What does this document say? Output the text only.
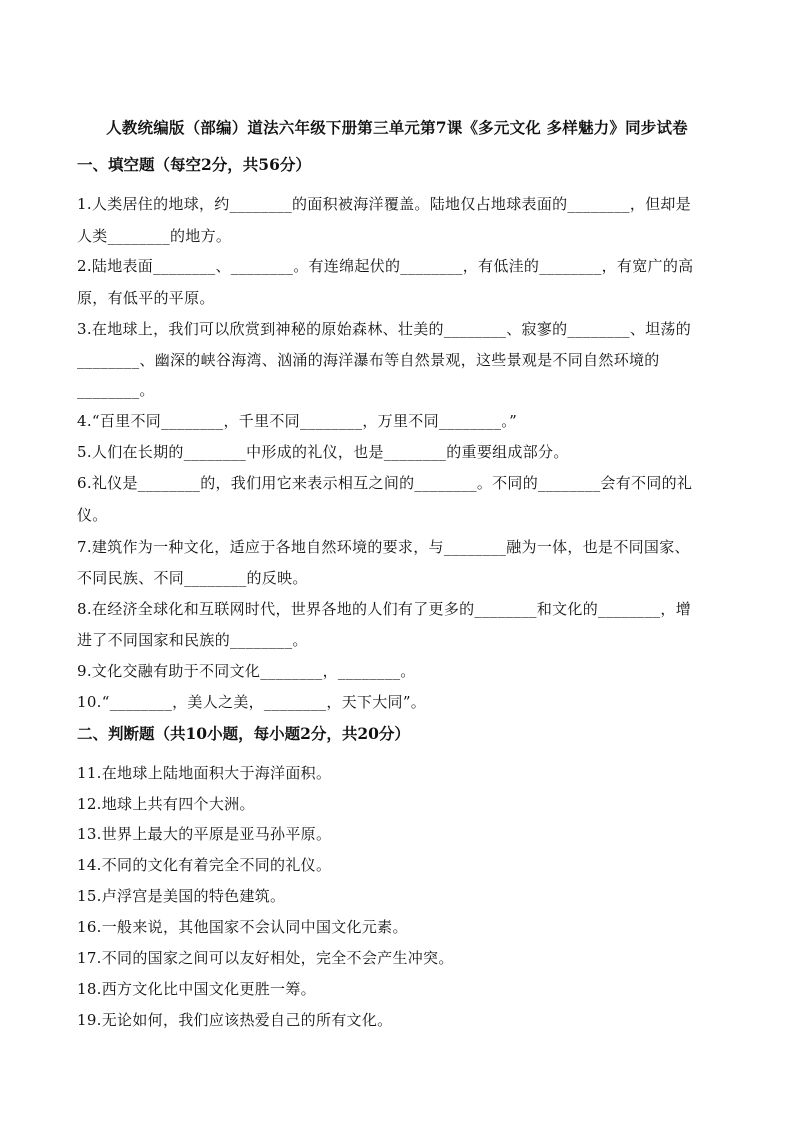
人教统编版（部编）道法六年级下册第三单元第7课《多元文化 多样魅力》同步试卷
一、填空题（每空2分，共56分）
1.人类居住的地球，约________的面积被海洋覆盖。陆地仅占地球表面的________，但却是
人类________的地方。
2.陆地表面________、________。有连绵起伏的________，有低洼的________，有宽广的高
原，有低平的平原。
3.在地球上，我们可以欣赏到神秘的原始森林、壮美的________、寂寥的________、坦荡的
________、幽深的峡谷海湾、汹涌的海洋瀑布等自然景观，这些景观是不同自然环境的
________。
4.“百里不同________，千里不同________，万里不同________。”
5.人们在长期的________中形成的礼仪，也是________的重要组成部分。
6.礼仪是________的，我们用它来表示相互之间的________。不同的________会有不同的礼
仪。
7.建筑作为一种文化，适应于各地自然环境的要求，与________融为一体，也是不同国家、
不同民族、不同________的反映。
8.在经济全球化和互联网时代，世界各地的人们有了更多的________和文化的________，增
进了不同国家和民族的________。
9.文化交融有助于不同文化________，________。
10.“________，美人之美，________，天下大同”。
二、判断题（共10小题，每小题2分，共20分）
11.在地球上陆地面积大于海洋面积。
12.地球上共有四个大洲。
13.世界上最大的平原是亚马孙平原。
14.不同的文化有着完全不同的礼仪。
15.卢浮宫是美国的特色建筑。
16.一般来说，其他国家不会认同中国文化元素。
17.不同的国家之间可以友好相处，完全不会产生冲突。
18.西方文化比中国文化更胜一筹。
19.无论如何，我们应该热爱自己的所有文化。
